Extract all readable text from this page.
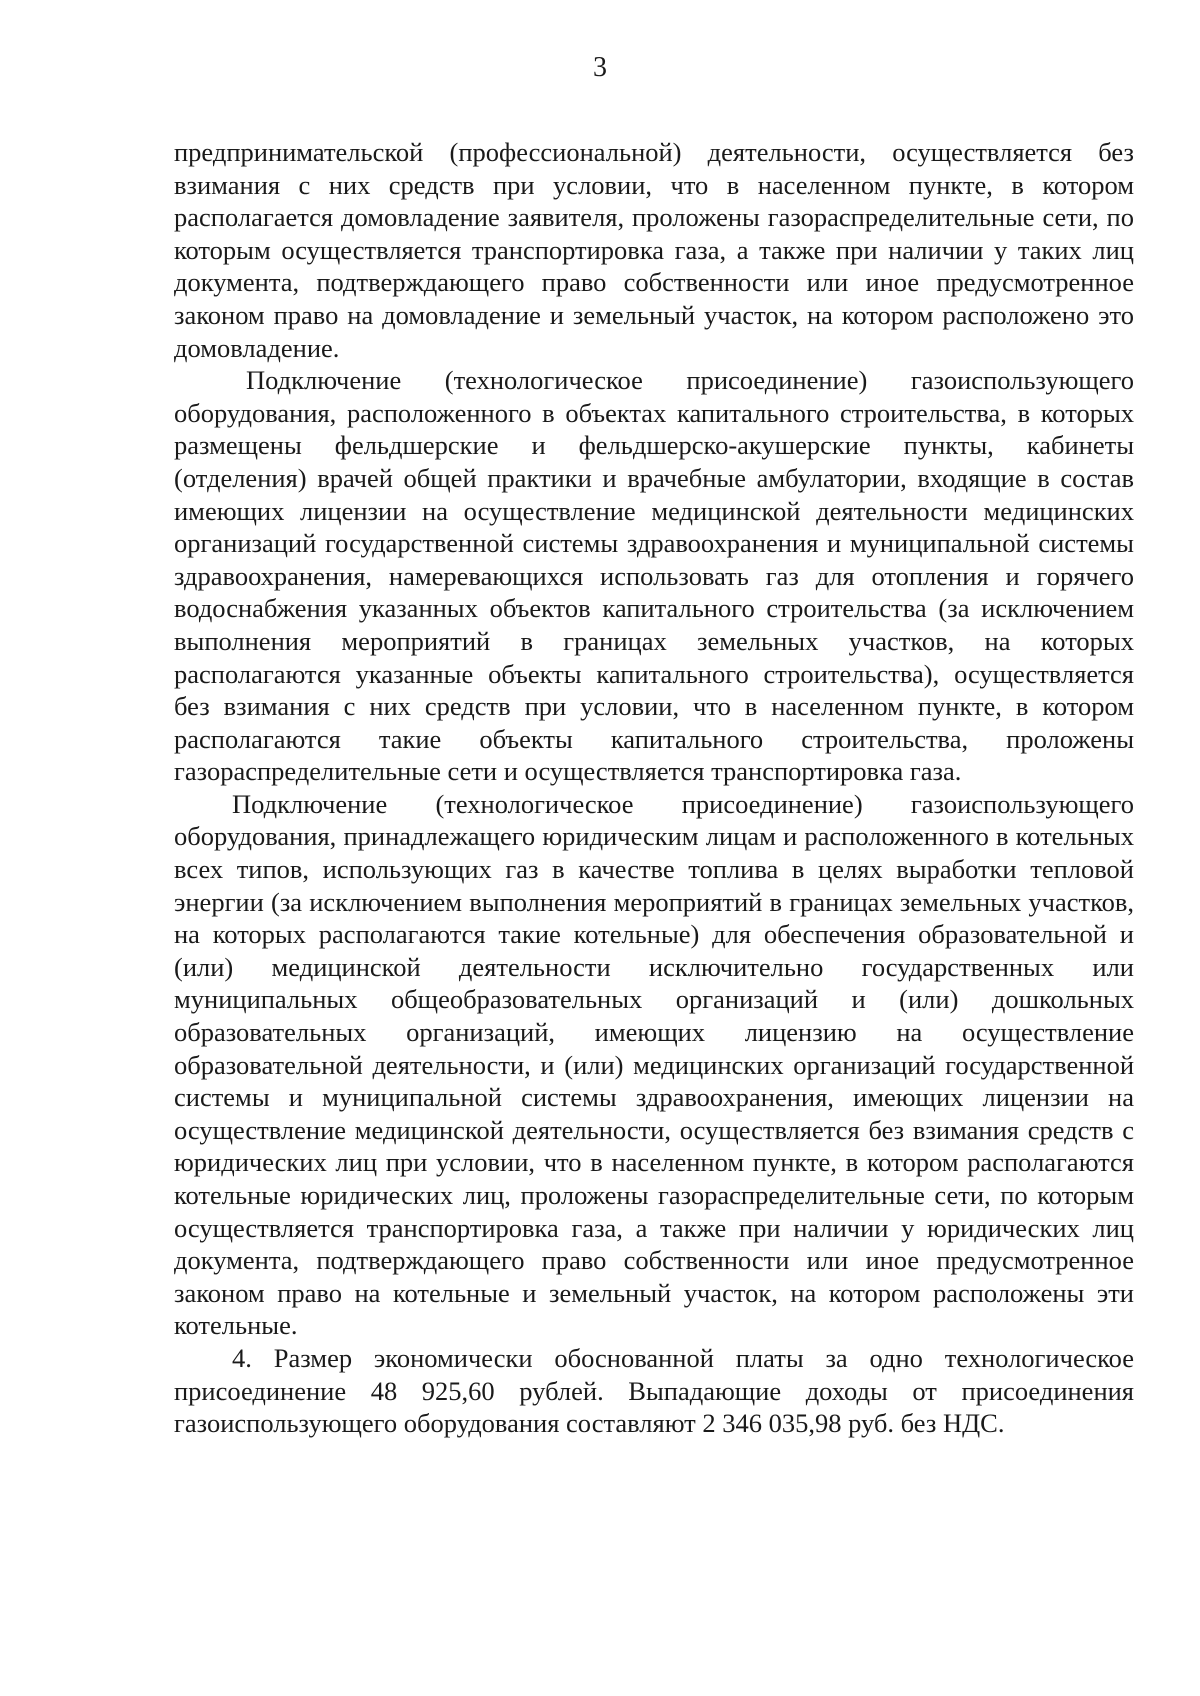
3

предпринимательской (профессиональной) деятельности, осуществляется без взимания с них средств при условии, что в населенном пункте, в котором располагается домовладение заявителя, проложены газораспределительные сети, по которым осуществляется транспортировка газа, а также при наличии у таких лиц документа, подтверждающего право собственности или иное предусмотренное законом право на домовладение и земельный участок, на котором расположено это домовладение.

Подключение (технологическое присоединение) газоиспользующего оборудования, расположенного в объектах капитального строительства, в которых размещены фельдшерские и фельдшерско-акушерские пункты, кабинеты (отделения) врачей общей практики и врачебные амбулатории, входящие в состав имеющих лицензии на осуществление медицинской деятельности медицинских организаций государственной системы здравоохранения и муниципальной системы здравоохранения, намеревающихся использовать газ для отопления и горячего водоснабжения указанных объектов капитального строительства (за исключением выполнения мероприятий в границах земельных участков, на которых располагаются указанные объекты капитального строительства), осуществляется без взимания с них средств при условии, что в населенном пункте, в котором располагаются такие объекты капитального строительства, проложены газораспределительные сети и осуществляется транспортировка газа.

Подключение (технологическое присоединение) газоиспользующего оборудования, принадлежащего юридическим лицам и расположенного в котельных всех типов, использующих газ в качестве топлива в целях выработки тепловой энергии (за исключением выполнения мероприятий в границах земельных участков, на которых располагаются такие котельные) для обеспечения образовательной и (или) медицинской деятельности исключительно государственных или муниципальных общеобразовательных организаций и (или) дошкольных образовательных организаций, имеющих лицензию на осуществление образовательной деятельности, и (или) медицинских организаций государственной системы и муниципальной системы здравоохранения, имеющих лицензии на осуществление медицинской деятельности, осуществляется без взимания средств с юридических лиц при условии, что в населенном пункте, в котором располагаются котельные юридических лиц, проложены газораспределительные сети, по которым осуществляется транспортировка газа, а также при наличии у юридических лиц документа, подтверждающего право собственности или иное предусмотренное законом право на котельные и земельный участок, на котором расположены эти котельные.

4. Размер экономически обоснованной платы за одно технологическое присоединение 48 925,60 рублей. Выпадающие доходы от присоединения газоиспользующего оборудования составляют 2 346 035,98 руб. без НДС.
